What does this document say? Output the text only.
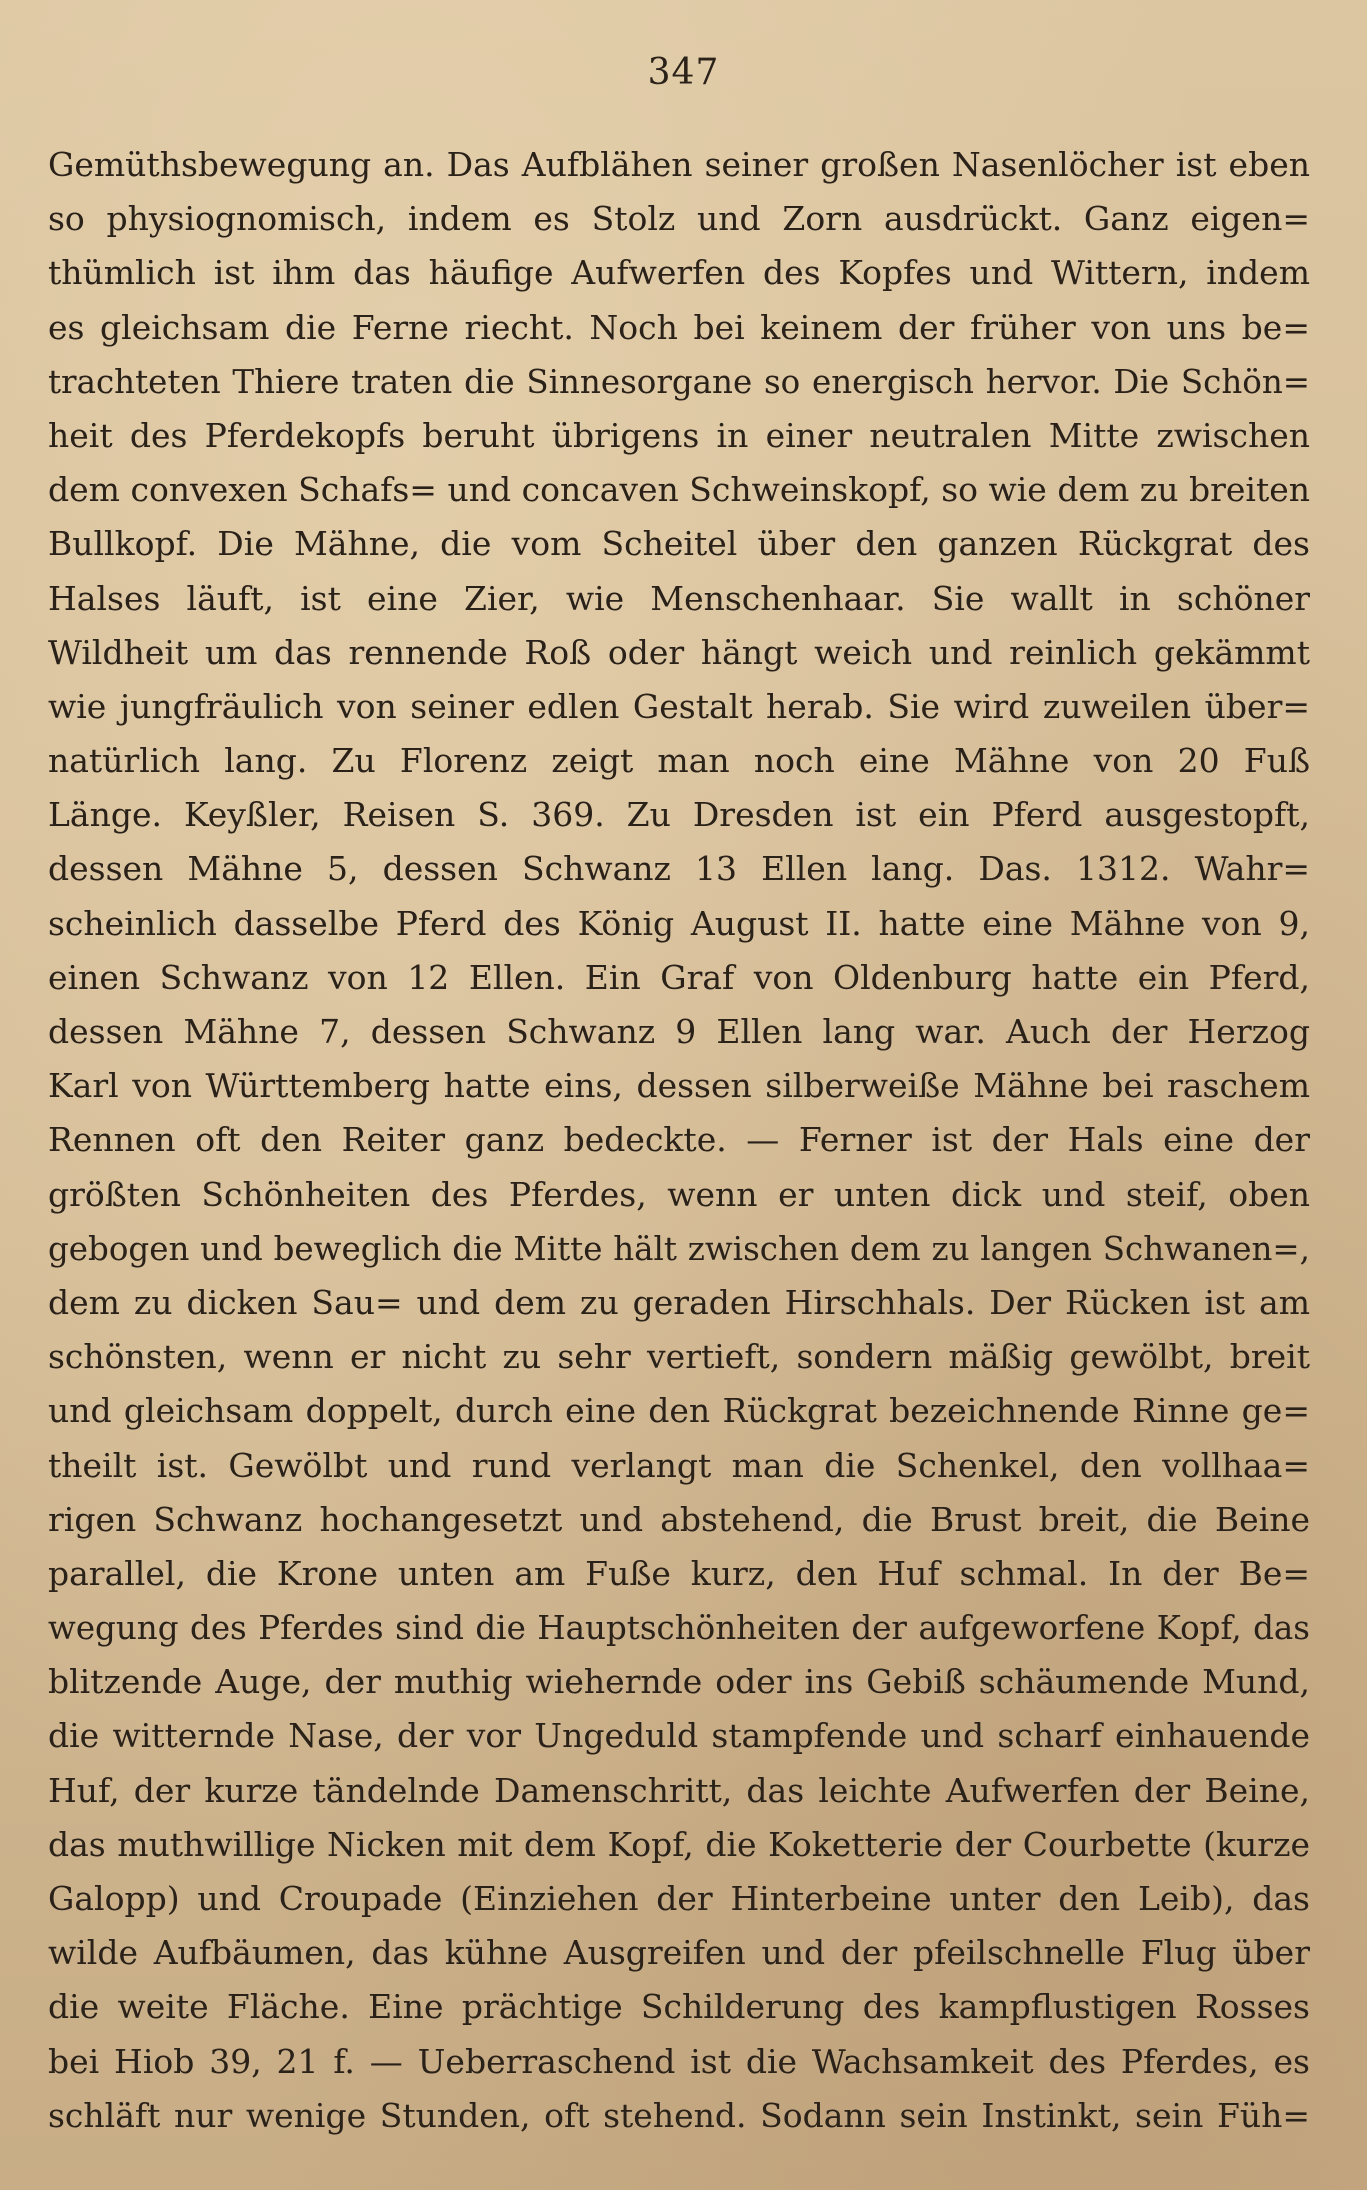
347
Gemüthsbewegung an. Das Aufblähen seiner großen Nasenlöcher ist eben
so physiognomisch, indem es Stolz und Zorn ausdrückt. Ganz eigen=
thümlich ist ihm das häufige Aufwerfen des Kopfes und Wittern, indem
es gleichsam die Ferne riecht. Noch bei keinem der früher von uns be=
trachteten Thiere traten die Sinnesorgane so energisch hervor. Die Schön=
heit des Pferdekopfs beruht übrigens in einer neutralen Mitte zwischen
dem convexen Schafs= und concaven Schweinskopf, so wie dem zu breiten
Bullkopf. Die Mähne, die vom Scheitel über den ganzen Rückgrat des
Halses läuft, ist eine Zier, wie Menschenhaar. Sie wallt in schöner
Wildheit um das rennende Roß oder hängt weich und reinlich gekämmt
wie jungfräulich von seiner edlen Gestalt herab. Sie wird zuweilen über=
natürlich lang. Zu Florenz zeigt man noch eine Mähne von 20 Fuß
Länge. Keyßler, Reisen S. 369. Zu Dresden ist ein Pferd ausgestopft,
dessen Mähne 5, dessen Schwanz 13 Ellen lang. Das. 1312. Wahr=
scheinlich dasselbe Pferd des König August II. hatte eine Mähne von 9,
einen Schwanz von 12 Ellen. Ein Graf von Oldenburg hatte ein Pferd,
dessen Mähne 7, dessen Schwanz 9 Ellen lang war. Auch der Herzog
Karl von Württemberg hatte eins, dessen silberweiße Mähne bei raschem
Rennen oft den Reiter ganz bedeckte. — Ferner ist der Hals eine der
größten Schönheiten des Pferdes, wenn er unten dick und steif, oben
gebogen und beweglich die Mitte hält zwischen dem zu langen Schwanen=,
dem zu dicken Sau= und dem zu geraden Hirschhals. Der Rücken ist am
schönsten, wenn er nicht zu sehr vertieft, sondern mäßig gewölbt, breit
und gleichsam doppelt, durch eine den Rückgrat bezeichnende Rinne ge=
theilt ist. Gewölbt und rund verlangt man die Schenkel, den vollhaa=
rigen Schwanz hochangesetzt und abstehend, die Brust breit, die Beine
parallel, die Krone unten am Fuße kurz, den Huf schmal. In der Be=
wegung des Pferdes sind die Hauptschönheiten der aufgeworfene Kopf, das
blitzende Auge, der muthig wiehernde oder ins Gebiß schäumende Mund,
die witternde Nase, der vor Ungeduld stampfende und scharf einhauende
Huf, der kurze tändelnde Damenschritt, das leichte Aufwerfen der Beine,
das muthwillige Nicken mit dem Kopf, die Koketterie der Courbette (kurze
Galopp) und Croupade (Einziehen der Hinterbeine unter den Leib), das
wilde Aufbäumen, das kühne Ausgreifen und der pfeilschnelle Flug über
die weite Fläche. Eine prächtige Schilderung des kampflustigen Rosses
bei Hiob 39, 21 f. — Ueberraschend ist die Wachsamkeit des Pferdes, es
schläft nur wenige Stunden, oft stehend. Sodann sein Instinkt, sein Füh=
